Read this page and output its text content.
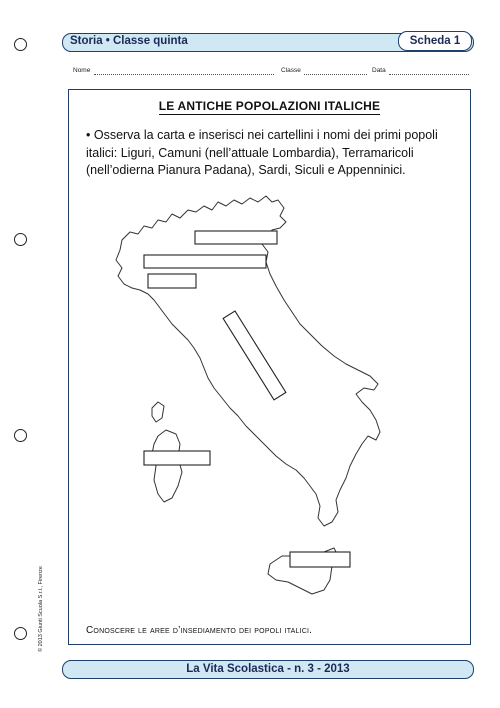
Storia • Classe quinta	Scheda 1
Nome	Classe	Data
LE ANTICHE POPOLAZIONI ITALICHE
• Osserva la carta e inserisci nei cartellini i nomi dei primi popoli italici: Liguri, Camuni (nell’attuale Lombardia), Terramaricoli (nell’odierna Pianura Padana), Sardi, Siculi e Appenninici.
Conoscere le aree d’insediamento dei popoli italici.
© 2013 Giunti Scuola S.r.l., Firenze
La Vita Scolastica - n. 3 - 2013
